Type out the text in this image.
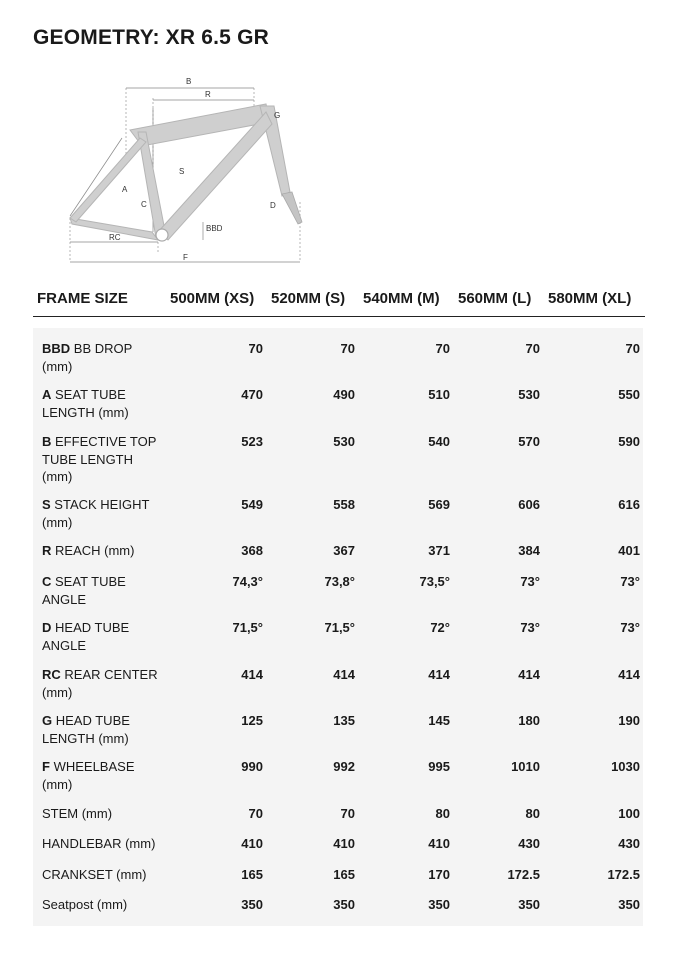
GEOMETRY: XR 6.5 GR
B
R
G
S
A
C	D
BBD
RC
F
FRAME SIZE	500MM (XS) 520MM (S) 540MM (M) 560MM (L) 580MM (XL)
BBD BB DROP (mm)
70	70	70	70	70
A SEAT TUBE LENGTH (mm)
470	490	510	530	550
B EFFECTIVE TOP TUBE LENGTH (mm)
523	530	540	570	590
S STACK HEIGHT (mm)
549	558	569	606	616
R REACH (mm)	368	367	371	384	401
C SEAT TUBE ANGLE
74,3°	73,8°	73,5°	73°	73°
D HEAD TUBE ANGLE
71,5°	71,5°	72°	73°	73°
RC REAR CENTER (mm)
414	414	414	414	414
G HEAD TUBE LENGTH (mm)
125	135	145	180	190
F WHEELBASE (mm)
990	992	995	1010	1030
STEM (mm)	70	70	80	80	100
HANDLEBAR (mm)	410	410	410	430	430
CRANKSET (mm)	165	165	170	172.5	172.5
Seatpost (mm)	350	350	350	350	350
